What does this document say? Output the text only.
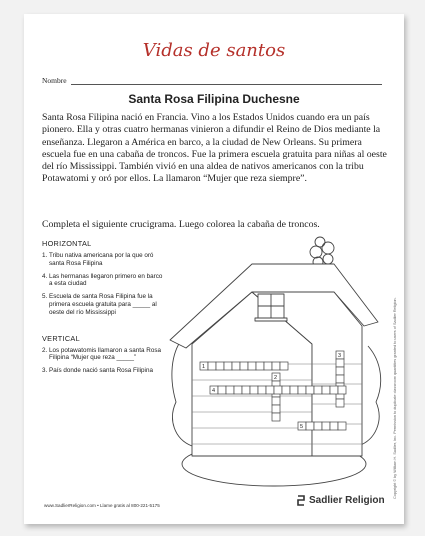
Vidas de santos
Nombre
Santa Rosa Filipina Duchesne

Santa Rosa Filipina nació en Francia. Vino a los Estados Unidos cuando era un país pionero. Ella y otras cuatro hermanas vinieron a difundir el Reino de Dios mediante la enseñanza. Llegaron a América en barco, a la ciudad de New Orleans. Su primera escuela fue en una cabaña de troncos. Fue la primera escuela gratuita para niñas al oeste del río Mississippi. También vivió en una aldea de nativos americanos con la tribu Potawatomi y oró por ellos. La llamaron “Mujer que reza siempre”.

Completa el siguiente crucigrama. Luego colorea la cabaña de troncos.

HORIZONTAL
1. Tribu nativa americana por la que oró santa Rosa Filipina
4. Las hermanas llegaron primero en barco a esta ciudad
5. Escuela de santa Rosa Filipina fue la primera escuela gratuita para _____ al oeste del río Mississippi
VERTICAL
2. Los potawatomis llamaron a santa Rosa Filipina “Mujer que reza _____”
3. País donde nació santa Rosa Filipina
1
2
3
4
5	Copyright © by William H. Sadlier, Inc. Permission to duplicate classroom quantities granted to users of Sadlier Religion.
www.SadlierReligion.com • Llame gratis al 800-221-5175	Sadlier Religion
